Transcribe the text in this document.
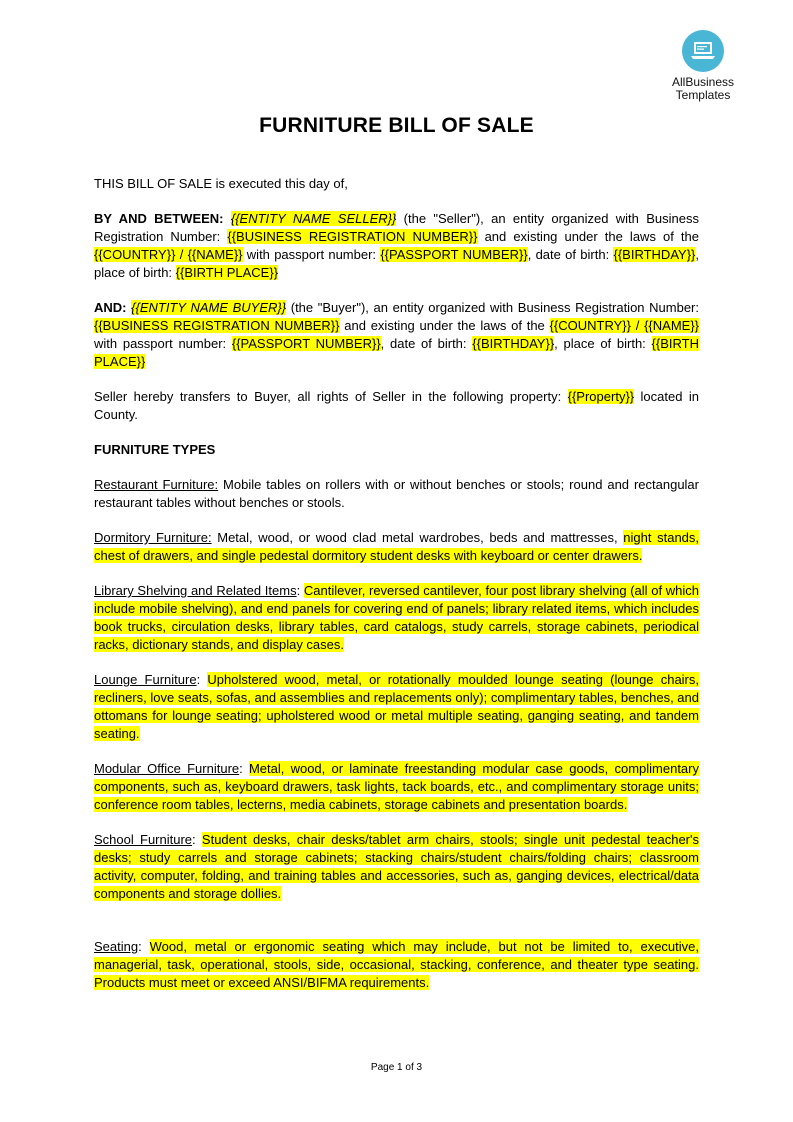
AllBusiness
Templates
FURNITURE BILL OF SALE

THIS BILL OF SALE is executed this day of,

BY AND BETWEEN: {{ENTITY NAME SELLER}} (the "Seller"), an entity organized with Business Registration Number: {{BUSINESS REGISTRATION NUMBER}} and existing under the laws of the {{COUNTRY}} / {{NAME}} with passport number: {{PASSPORT NUMBER}}, date of birth: {{BIRTHDAY}}, place of birth: {{BIRTH PLACE}}

AND: {{ENTITY NAME BUYER}} (the "Buyer"), an entity organized with Business Registration Number: {{BUSINESS REGISTRATION NUMBER}} and existing under the laws of the {{COUNTRY}} / {{NAME}} with passport number: {{PASSPORT NUMBER}}, date of birth: {{BIRTHDAY}}, place of birth: {{BIRTH PLACE}}

Seller hereby transfers to Buyer, all rights of Seller in the following property: {{Property}} located in County.

FURNITURE TYPES

Restaurant Furniture: Mobile tables on rollers with or without benches or stools; round and rectangular restaurant tables without benches or stools.

Dormitory Furniture: Metal, wood, or wood clad metal wardrobes, beds and mattresses, night stands, chest of drawers, and single pedestal dormitory student desks with keyboard or center drawers.

Library Shelving and Related Items: Cantilever, reversed cantilever, four post library shelving (all of which include mobile shelving), and end panels for covering end of panels; library related items, which includes book trucks, circulation desks, library tables, card catalogs, study carrels, storage cabinets, periodical racks, dictionary stands, and display cases.

Lounge Furniture: Upholstered wood, metal, or rotationally moulded lounge seating (lounge chairs, recliners, love seats, sofas, and assemblies and replacements only); complimentary tables, benches, and ottomans for lounge seating; upholstered wood or metal multiple seating, ganging seating, and tandem seating.

Modular Office Furniture: Metal, wood, or laminate freestanding modular case goods, complimentary components, such as, keyboard drawers, task lights, tack boards, etc., and complimentary storage units; conference room tables, lecterns, media cabinets, storage cabinets and presentation boards.

School Furniture: Student desks, chair desks/tablet arm chairs, stools; single unit pedestal teacher's desks; study carrels and storage cabinets; stacking chairs/student chairs/folding chairs; classroom activity, computer, folding, and training tables and accessories, such as, ganging devices, electrical/data components and storage dollies.

Seating: Wood, metal or ergonomic seating which may include, but not be limited to, executive, managerial, task, operational, stools, side, occasional, stacking, conference, and theater type seating. Products must meet or exceed ANSI/BIFMA requirements.

Page 1 of 3
